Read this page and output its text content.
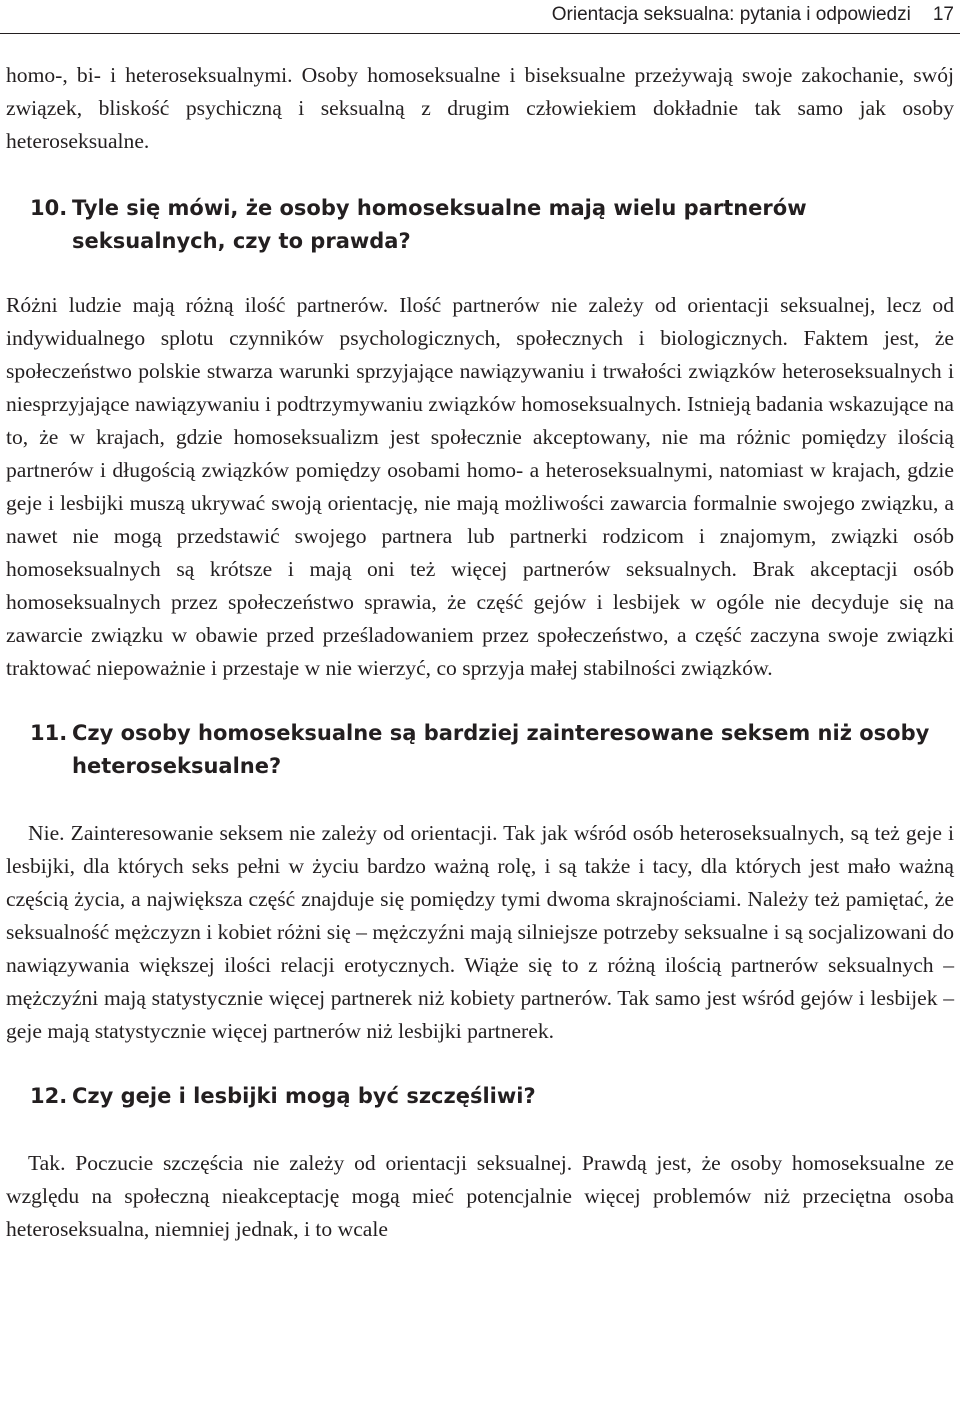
Orientacja seksualna: pytania i odpowiedzi 17

homo-, bi- i heteroseksualnymi. Osoby homoseksualne i biseksualne przeżywają swoje zakochanie, swój związek, bliskość psychiczną i seksualną z drugim człowiekiem dokładnie tak samo jak osoby heteroseksualne.

10. Tyle się mówi, że osoby homoseksualne mają wielu partnerów seksualnych, czy to prawda?

Różni ludzie mają różną ilość partnerów. Ilość partnerów nie zależy od orientacji seksualnej, lecz od indywidualnego splotu czynników psychologicznych, społecznych i biologicznych. Faktem jest, że społeczeństwo polskie stwarza warunki sprzyjające nawiązywaniu i trwałości związków heteroseksualnych i niesprzyjające nawiązywaniu i podtrzymywaniu związków homoseksualnych. Istnieją badania wskazujące na to, że w krajach, gdzie homoseksualizm jest społecznie akceptowany, nie ma różnic pomiędzy ilością partnerów i długością związków pomiędzy osobami homo- a heteroseksualnymi, natomiast w krajach, gdzie geje i lesbijki muszą ukrywać swoją orientację, nie mają możliwości zawarcia formalnie swojego związku, a nawet nie mogą przedstawić swojego partnera lub partnerki rodzicom i znajomym, związki osób homoseksualnych są krótsze i mają oni też więcej partnerów seksualnych. Brak akceptacji osób homoseksualnych przez społeczeństwo sprawia, że część gejów i lesbijek w ogóle nie decyduje się na zawarcie związku w obawie przed prześladowaniem przez społeczeństwo, a część zaczyna swoje związki traktować niepoważnie i przestaje w nie wierzyć, co sprzyja małej stabilności związków.

11. Czy osoby homoseksualne są bardziej zainteresowane seksem niż osoby heteroseksualne?

Nie. Zainteresowanie seksem nie zależy od orientacji. Tak jak wśród osób heteroseksualnych, są też geje i lesbijki, dla których seks pełni w życiu bardzo ważną rolę, i są także i tacy, dla których jest mało ważną częścią życia, a największa część znajduje się pomiędzy tymi dwoma skrajnościami. Należy też pamiętać, że seksualność mężczyzn i kobiet różni się – mężczyźni mają silniejsze potrzeby seksualne i są socjalizowani do nawiązywania większej ilości relacji erotycznych. Wiąże się to z różną ilością partnerów seksualnych – mężczyźni mają statystycznie więcej partnerek niż kobiety partnerów. Tak samo jest wśród gejów i lesbijek – geje mają statystycznie więcej partnerów niż lesbijki partnerek.

12. Czy geje i lesbijki mogą być szczęśliwi?

Tak. Poczucie szczęścia nie zależy od orientacji seksualnej. Prawdą jest, że osoby homoseksualne ze względu na społeczną nieakceptację mogą mieć potencjalnie więcej problemów niż przeciętna osoba heteroseksualna, niemniej jednak, i to wcale
